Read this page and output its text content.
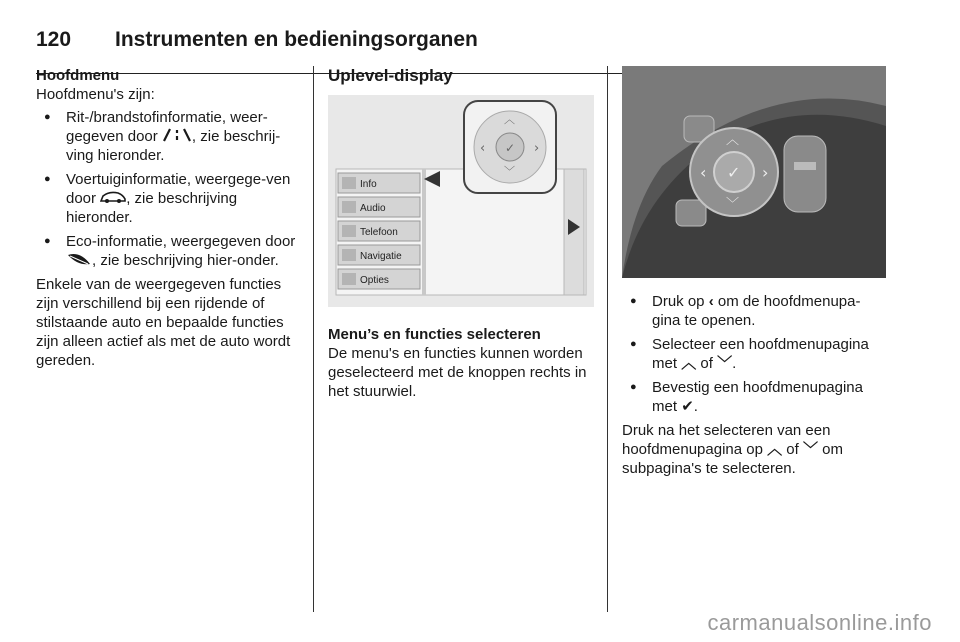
120 Instrumenten en bedieningsorganen
Hoofdmenu

Hoofdmenu's zijn:

● Rit-/brandstofinformatie, weer-gegeven door , zie beschrij-ving hieronder.
● Voertuiginformatie, weergege-ven door , zie beschrijving hieronder.
● Eco-informatie, weergegeven door , zie beschrijving hier-onder.

Enkele van de weergegeven functies zijn verschillend bij een rijdende of stilstaande auto en bepaalde functies zijn alleen actief als met de auto wordt gereden.

Uplevel-display
Info
Audio
Telefoon
Navigatie
Opties
✓
︿
﹀
‹	›
Menu’s en functies selecteren

De menu's en functies kunnen worden geselecteerd met de knoppen rechts in het stuurwiel.

✓
︿
﹀
‹	›
● Druk op ‹ om de hoofdmenupa-gina te openen.
● Selecteer een hoofdmenupagina met ︿ of ﹀.
● Bevestig een hoofdmenupagina met ✔.

Druk na het selecteren van een hoofdmenupagina op ︿ of ﹀ om subpagina's te selecteren.

carmanualsonline.info
